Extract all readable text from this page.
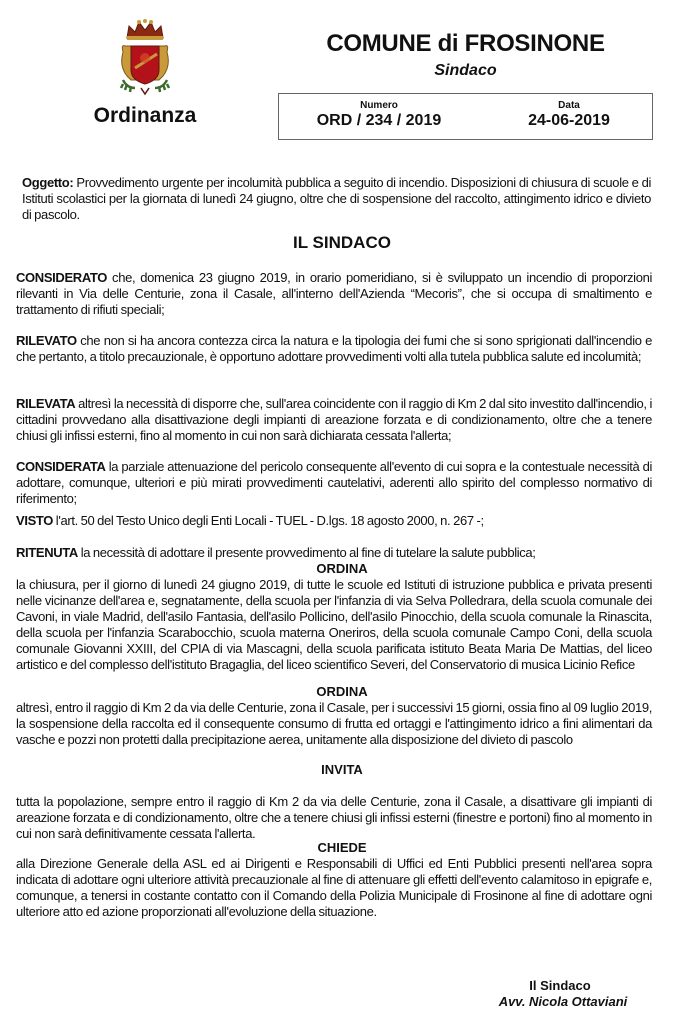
COMUNE di FROSINONE
Sindaco
Ordinanza	Numero
ORD / 234 / 2019
Data
24-06-2019
Oggetto: Provvedimento urgente per incolumità pubblica a seguito di incendio. Disposizioni di chiusura di scuole e di Istituti scolastici per la giornata di lunedì 24 giugno, oltre che di sospensione del raccolto, attingimento idrico e divieto di pascolo.
IL SINDACO
CONSIDERATO che, domenica 23 giugno 2019, in orario pomeridiano, si è sviluppato un incendio di proporzioni rilevanti in Via delle Centurie, zona il Casale, all'interno dell'Azienda “Mecoris”, che si occupa di smaltimento e trattamento di rifiuti speciali;
RILEVATO che non si ha ancora contezza circa la natura e la tipologia dei fumi che si sono sprigionati dall'incendio e che pertanto, a titolo precauzionale, è opportuno adottare provvedimenti volti alla tutela pubblica salute ed incolumità;
RILEVATA altresì la necessità di disporre che, sull'area coincidente con il raggio di Km 2 dal sito investito dall'incendio, i cittadini provvedano alla disattivazione degli impianti di areazione forzata e di condizionamento, oltre che a tenere chiusi gli infissi esterni, fino al momento in cui non sarà dichiarata cessata l'allerta;
CONSIDERATA la parziale attenuazione del pericolo consequente all'evento di cui sopra e la contestuale necessità di adottare, comunque, ulteriori e più mirati provvedimenti cautelativi, aderenti allo spirito del complesso normativo di riferimento;
VISTO l'art. 50 del Testo Unico degli Enti Locali - TUEL - D.lgs. 18 agosto 2000, n. 267 -;
RITENUTA la necessità di adottare il presente provvedimento al fine di tutelare la salute pubblica;
ORDINA
la chiusura, per il giorno di lunedì 24 giugno 2019, di tutte le scuole ed Istituti di istruzione pubblica e privata presenti nelle vicinanze dell'area e, segnatamente, della scuola per l'infanzia di via Selva Polledrara, della scuola comunale dei Cavoni, in viale Madrid, dell'asilo Fantasia, dell'asilo Pollicino, dell'asilo Pinocchio, della scuola comunale la Rinascita, della scuola per l'infanzia Scarabocchio, scuola materna Oneriros, della scuola comunale Campo Coni, della scuola comunale Giovanni XXIII, del CPIA di via Mascagni, della scuola parificata istituto Beata Maria De Mattias, del liceo artistico e del complesso dell'istituto Bragaglia, del liceo scientifico Severi, del Conservatorio di musica Licinio Refice
ORDINA
altresì, entro il raggio di Km 2 da via delle Centurie, zona il Casale, per i successivi 15 giorni, ossia fino al 09 luglio 2019, la sospensione della raccolta ed il consequente consumo di frutta ed ortaggi e l'attingimento idrico a fini alimentari da vasche e pozzi non protetti dalla precipitazione aerea, unitamente alla disposizione del divieto di pascolo
INVITA
tutta la popolazione, sempre entro il raggio di Km 2 da via delle Centurie, zona il Casale, a disattivare gli impianti di areazione forzata e di condizionamento, oltre che a tenere chiusi gli infissi esterni (finestre e portoni) fino al momento in cui non sarà definitivamente cessata l'allerta.
CHIEDE
alla Direzione Generale della ASL ed ai Dirigenti e Responsabili di Uffici ed Enti Pubblici presenti nell'area sopra indicata di adottare ogni ulteriore attività precauzionale al fine di attenuare gli effetti dell'evento calamitoso in epigrafe e, comunque, a tenersi in costante contatto con il Comando della Polizia Municipale di Frosinone al fine di adottare ogni ulteriore atto ed azione proporzionati all'evoluzione della situazione.
Il Sindaco
Avv. Nicola Ottaviani
